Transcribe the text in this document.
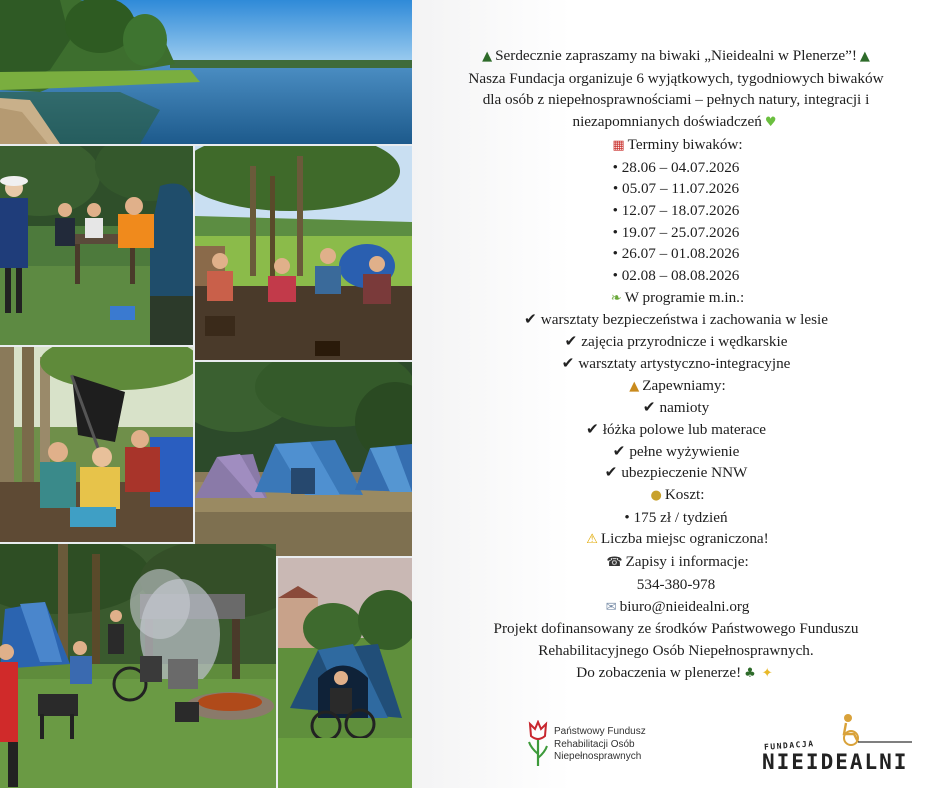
▲ Serdecznie zapraszamy na biwaki „Nieidealni w Plenerze”! ▲
Nasza Fundacja organizuje 6 wyjątkowych, tygodniowych biwaków
dla osób z niepełnosprawnościami – pełnych natury, integracji i
niezapomnianych doświadczeń ♥
▦ Terminy biwaków:
• 28.06 – 04.07.2026
• 05.07 – 11.07.2026
• 12.07 – 18.07.2026
• 19.07 – 25.07.2026
• 26.07 – 01.08.2026
• 02.08 – 08.08.2026
❧ W programie m.in.:
✔ warsztaty bezpieczeństwa i zachowania w lesie
✔ zajęcia przyrodnicze i wędkarskie
✔ warsztaty artystyczno-integracyjne
▲ Zapewniamy:
✔ namioty
✔ łóżka polowe lub materace
✔ pełne wyżywienie
✔ ubezpieczenie NNW
● Koszt:
• 175 zł / tydzień
⚠ Liczba miejsc ograniczona!
☎ Zapisy i informacje:
534-380-978
✉ biuro@nieidealni.org
Projekt dofinansowany ze środków Państwowego Funduszu
Rehabilitacyjnego Osób Niepełnosprawnych.
Do zobaczenia w plenerze! ♣ ✦
Państwowy Fundusz
Rehabilitacji Osób
Niepełnosprawnych
FUNDACJA
NIEIDEALNI
